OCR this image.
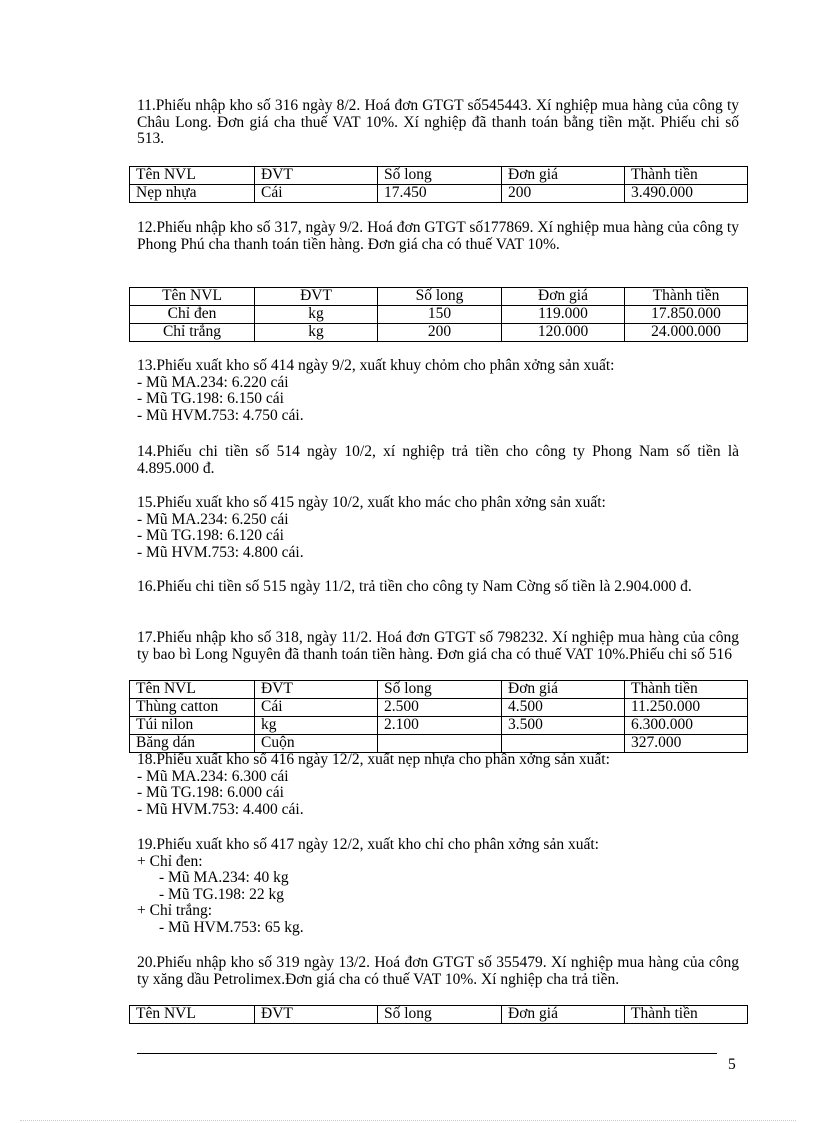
11.Phiếu nhập kho số 316 ngày 8/2. Hoá đơn GTGT số545443. Xí nghiệp mua hàng của công ty Châu Long. Đơn giá cha thuế VAT 10%. Xí nghiệp đã thanh toán bằng tiền mặt. Phiếu chi số 513.

Tên NVL	ĐVT	Số long	Đơn giá	Thành tiền
Nẹp nhựa	Cái	17.450	200	3.490.000

12.Phiếu nhập kho số 317, ngày 9/2. Hoá đơn GTGT số177869. Xí nghiệp mua hàng của công ty Phong Phú cha thanh toán tiền hàng. Đơn giá cha có thuế VAT 10%.

Tên NVL	ĐVT	Số long	Đơn giá	Thành tiền
Chỉ đen	kg	150	119.000	17.850.000
Chỉ trắng	kg	200	120.000	24.000.000

13.Phiếu xuất kho số 414 ngày 9/2, xuất khuy chỏm cho phân xởng sản xuất:

- Mũ MA.234: 6.220 cái

- Mũ TG.198: 6.150 cái

- Mũ HVM.753: 4.750 cái.

14.Phiếu chi tiền số 514 ngày 10/2, xí nghiệp trả tiền cho công ty Phong Nam số tiền là 4.895.000 đ.

15.Phiếu xuất kho số 415 ngày 10/2, xuất kho mác cho phân xởng sản xuất:

- Mũ MA.234: 6.250 cái

- Mũ TG.198: 6.120 cái

- Mũ HVM.753: 4.800 cái.

16.Phiếu chi tiền số 515 ngày 11/2, trả tiền cho công ty Nam Cờng số tiền là 2.904.000 đ.

17.Phiếu nhập kho số 318, ngày 11/2. Hoá đơn GTGT số 798232. Xí nghiệp mua hàng của công ty bao bì Long Nguyên đã thanh toán tiền hàng. Đơn giá cha có thuế VAT 10%.Phiếu chi số 516

Tên NVL	ĐVT	Số long	Đơn giá	Thành tiền
Thùng catton	Cái	2.500	4.500	11.250.000
Túi nilon	kg	2.100	3.500	6.300.000
Băng dán	Cuộn			327.000

18.Phiếu xuất kho số 416 ngày 12/2, xuất nẹp nhựa cho phân xởng sản xuất:

- Mũ MA.234: 6.300 cái

- Mũ TG.198: 6.000 cái

- Mũ HVM.753: 4.400 cái.

19.Phiếu xuất kho số 417 ngày 12/2, xuất kho chỉ cho phân xởng sản xuất:

+ Chỉ đen:

- Mũ MA.234: 40 kg

- Mũ TG.198: 22 kg

+ Chỉ trắng:

- Mũ HVM.753: 65 kg.

20.Phiếu nhập kho số 319 ngày 13/2. Hoá đơn GTGT số 355479. Xí nghiệp mua hàng của công ty xăng dầu Petrolimex.Đơn giá cha có thuế VAT 10%. Xí nghiệp cha trả tiền.

Tên NVL	ĐVT	Số long	Đơn giá	Thành tiền
5
